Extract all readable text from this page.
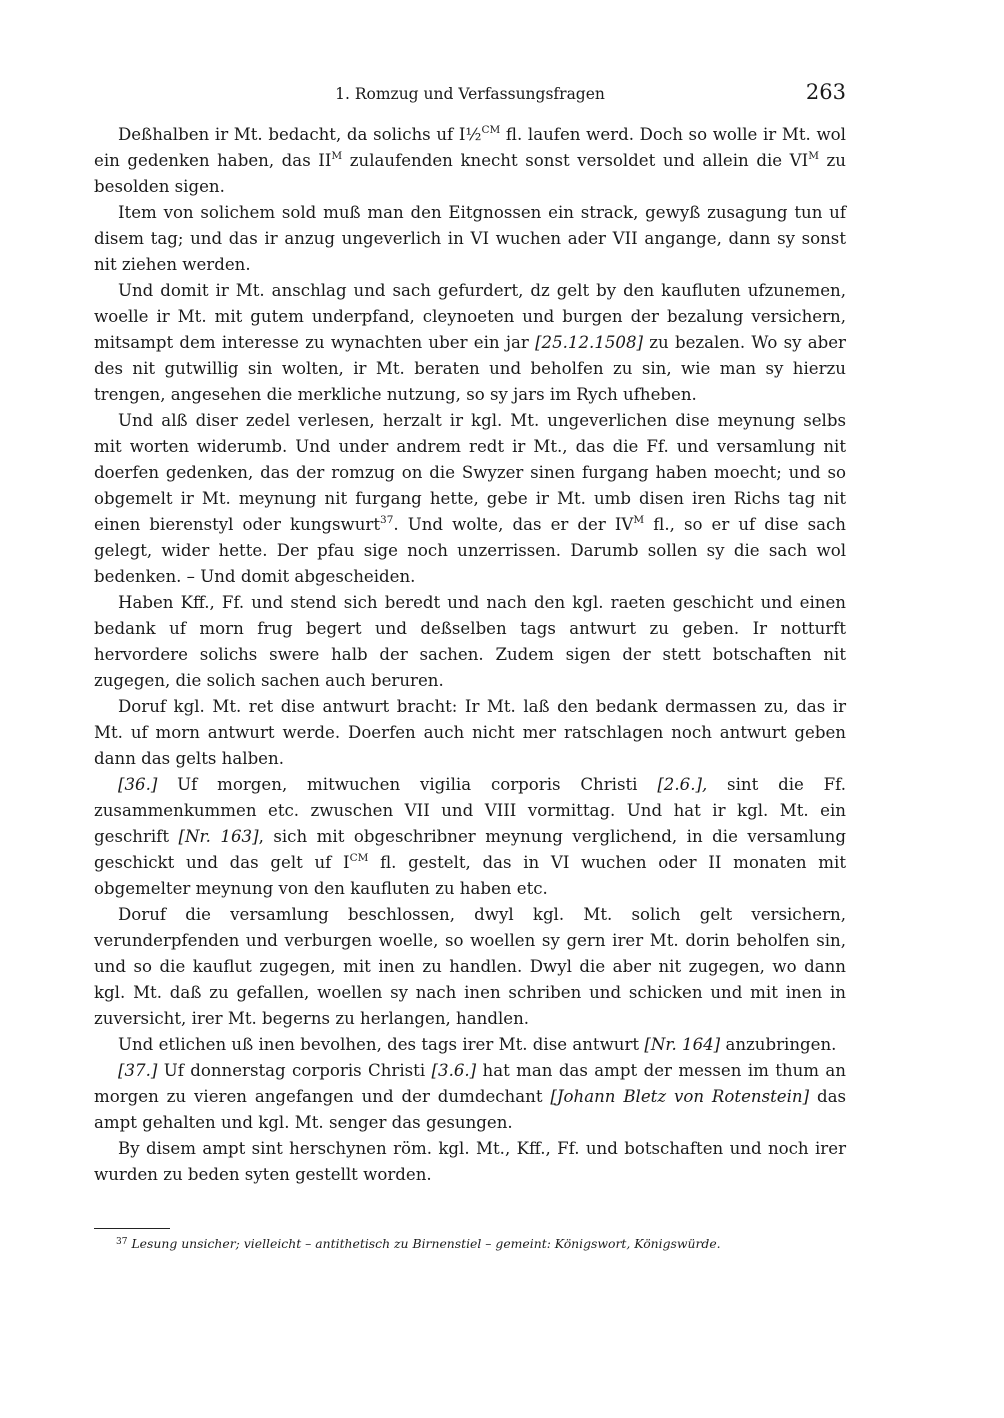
1. Romzug und Verfassungsfragen	263

Deßhalben ir Mt. bedacht, da solichs uf I½$^{CM}$ fl. laufen werd. Doch so wolle ir Mt. wol ein gedenken haben, das $II^M$ zulaufenden knecht sonst versoldet und allein die $VI^M$ zu besolden sigen.

Item von solichem sold muß man den Eitgnossen ein strack, gewyß zusagung tun uf disem tag; und das ir anzug ungeverlich in VI wuchen ader VII angange, dann sy sonst nit ziehen werden.

Und domit ir Mt. anschlag und sach gefurdert, dz gelt by den kaufluten ufzunemen, woelle ir Mt. mit gutem underpfand, cleynoeten und burgen der bezalung versichern, mitsampt dem interesse zu wynachten uber ein jar [25.12.1508] zu bezalen. Wo sy aber des nit gutwillig sin wolten, ir Mt. beraten und beholfen zu sin, wie man sy hierzu trengen, angesehen die merkliche nutzung, so sy jars im Rych ufheben.

Und alß diser zedel verlesen, herzalt ir kgl. Mt. ungeverlichen dise meynung selbs mit worten widerumb. Und under andrem redt ir Mt., das die Ff. und versamlung nit doerfen gedenken, das der romzug on die Swyzer sinen furgang haben moecht; und so obgemelt ir Mt. meynung nit furgang hette, gebe ir Mt. umb disen iren Richs tag nit einen bierenstyl oder kungswurt$^{37}$. Und wolte, das er der $IV^M$ fl., so er uf dise sach gelegt, wider hette. Der pfau sige noch unzerrissen. Darumb sollen sy die sach wol bedenken. – Und domit abgescheiden.

Haben Kff., Ff. und stend sich beredt und nach den kgl. raeten geschicht und einen bedank uf morn frug begert und deßselben tags antwurt zu geben. Ir notturft hervordere solichs swere halb der sachen. Zudem sigen der stett botschaften nit zugegen, die solich sachen auch beruren.

Doruf kgl. Mt. ret dise antwurt bracht: Ir Mt. laß den bedank dermassen zu, das ir Mt. uf morn antwurt werde. Doerfen auch nicht mer ratschlagen noch antwurt geben dann das gelts halben.

[36.] Uf morgen, mitwuchen vigilia corporis Christi [2.6.], sint die Ff. zusammenkummen etc. zwuschen VII und VIII vormittag. Und hat ir kgl. Mt. ein geschrift [Nr. 163], sich mit obgeschribner meynung verglichend, in die versamlung geschickt und das gelt uf $I^{CM}$ fl. gestelt, das in VI wuchen oder II monaten mit obgemelter meynung von den kaufluten zu haben etc.

Doruf die versamlung beschlossen, dwyl kgl. Mt. solich gelt versichern, verunderpfenden und verburgen woelle, so woellen sy gern irer Mt. dorin beholfen sin, und so die kauflut zugegen, mit inen zu handlen. Dwyl die aber nit zugegen, wo dann kgl. Mt. daß zu gefallen, woellen sy nach inen schriben und schicken und mit inen in zuversicht, irer Mt. begerns zu herlangen, handlen.

Und etlichen uß inen bevolhen, des tags irer Mt. dise antwurt [Nr. 164] anzubringen.

[37.] Uf donnerstag corporis Christi [3.6.] hat man das ampt der messen im thum an morgen zu vieren angefangen und der dumdechant [Johann Bletz von Rotenstein] das ampt gehalten und kgl. Mt. senger das gesungen.

By disem ampt sint herschynen röm. kgl. Mt., Kff., Ff. und botschaften und noch irer wurden zu beden syten gestellt worden.

$^{37}$ Lesung unsicher; vielleicht – antithetisch zu Birnenstiel – gemeint: Königswort, Königswürde.
